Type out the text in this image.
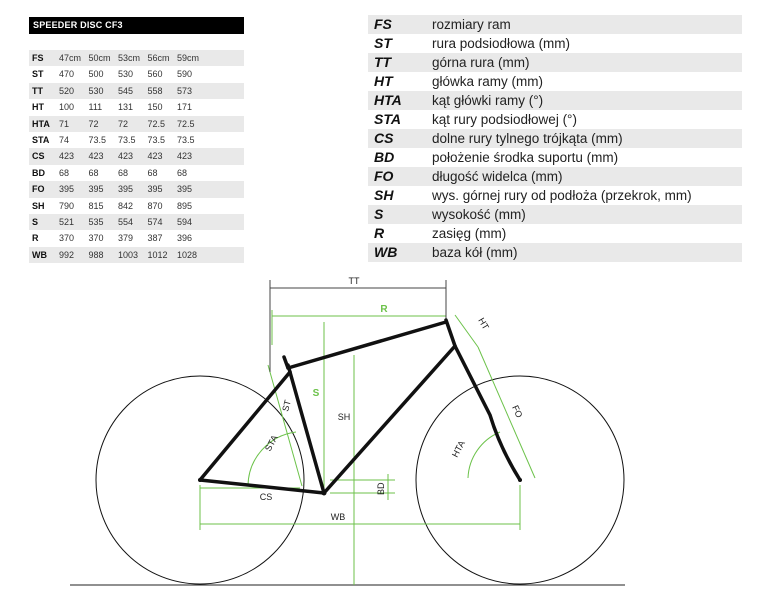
SPEEDER DISC CF3
FS	47cm 50cm 53cm 56cm 59cm
ST	470	500	530	560	590
TT	520	530	545	558	573
HT	100	111	131	150	171
HTA	71	72	72	72.5	72.5
STA	74	73.5	73.5	73.5	73.5
CS	423	423	423	423	423
BD	68	68	68	68	68
FO	395	395	395	395	395
SH	790	815	842	870	895
S	521	535	554	574	594
R	370	370	379	387	396
WB	992	988	1003	1012	1028
FS	rozmiary ram
ST	rura podsiodłowa (mm)
TT	górna rura (mm)
HT	główka ramy (mm)
HTA	kąt główki ramy (°)
STA	kąt rury podsiodłowej (°)
CS	dolne rury tylnego trójkąta (mm)
BD	położenie środka suportu (mm)
FO	długość widelca (mm)
SH	wys. górnej rury od podłoża (przekrok, mm)
S	wysokość (mm)
R	zasięg (mm)
WB	baza kół (mm)
TT
R
HT
ST
S
SH
STA	HTA
FO
BD
CS
WB
